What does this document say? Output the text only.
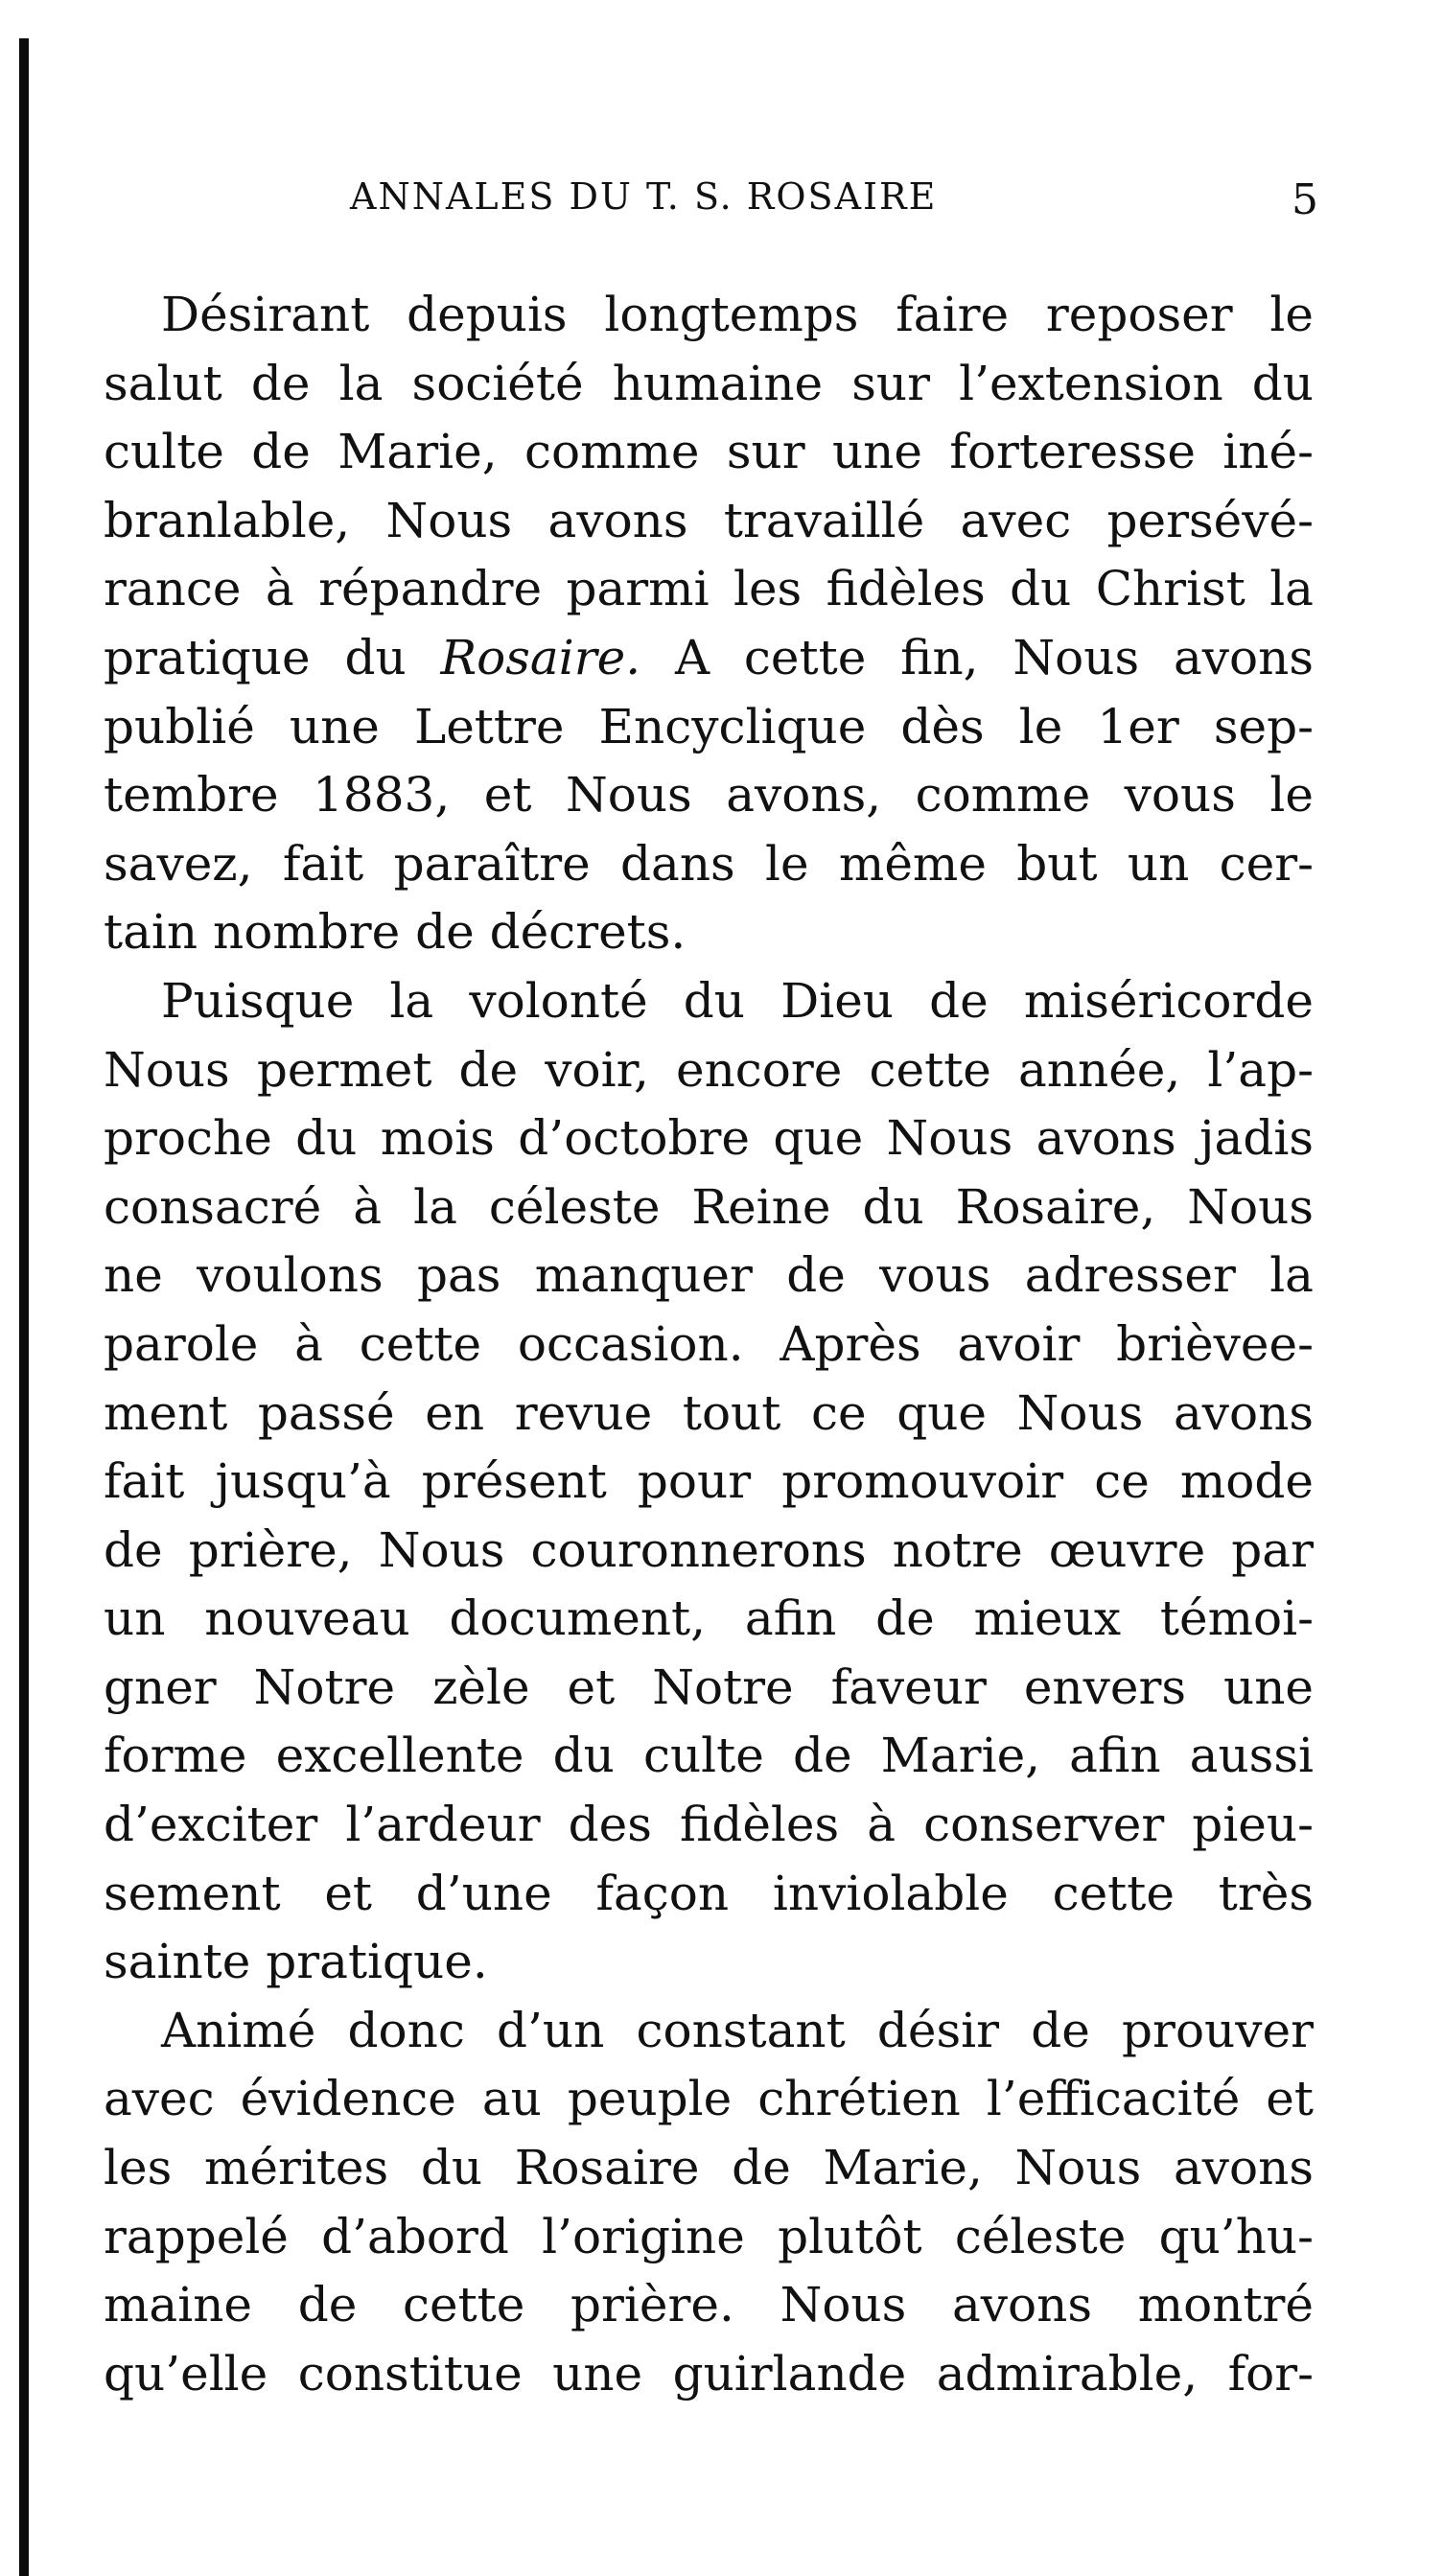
ANNALES DU T. S. ROSAIRE	5
Désirant depuis longtemps faire reposer le
salut de la société humaine sur l’extension du
culte de Marie, comme sur une forteresse iné-
branlable, Nous avons travaillé avec persévé-
rance à répandre parmi les fidèles du Christ la
pratique du Rosaire. A cette fin, Nous avons
publié une Lettre Encyclique dès le 1er sep-
tembre 1883, et Nous avons, comme vous le
savez, fait paraître dans le même but un cer-
tain nombre de décrets.
Puisque la volonté du Dieu de miséricorde
Nous permet de voir, encore cette année, l’ap-
proche du mois d’octobre que Nous avons jadis
consacré à la céleste Reine du Rosaire, Nous
ne voulons pas manquer de vous adresser la
parole à cette occasion. Après avoir brièvee-
ment passé en revue tout ce que Nous avons
fait jusqu’à présent pour promouvoir ce mode
de prière, Nous couronnerons notre œuvre par
un nouveau document, afin de mieux témoi-
gner Notre zèle et Notre faveur envers une
forme excellente du culte de Marie, afin aussi
d’exciter l’ardeur des fidèles à conserver pieu-
sement et d’une façon inviolable cette très
sainte pratique.
Animé donc d’un constant désir de prouver
avec évidence au peuple chrétien l’efficacité et
les mérites du Rosaire de Marie, Nous avons
rappelé d’abord l’origine plutôt céleste qu’hu-
maine de cette prière. Nous avons montré
qu’elle constitue une guirlande admirable, for-
